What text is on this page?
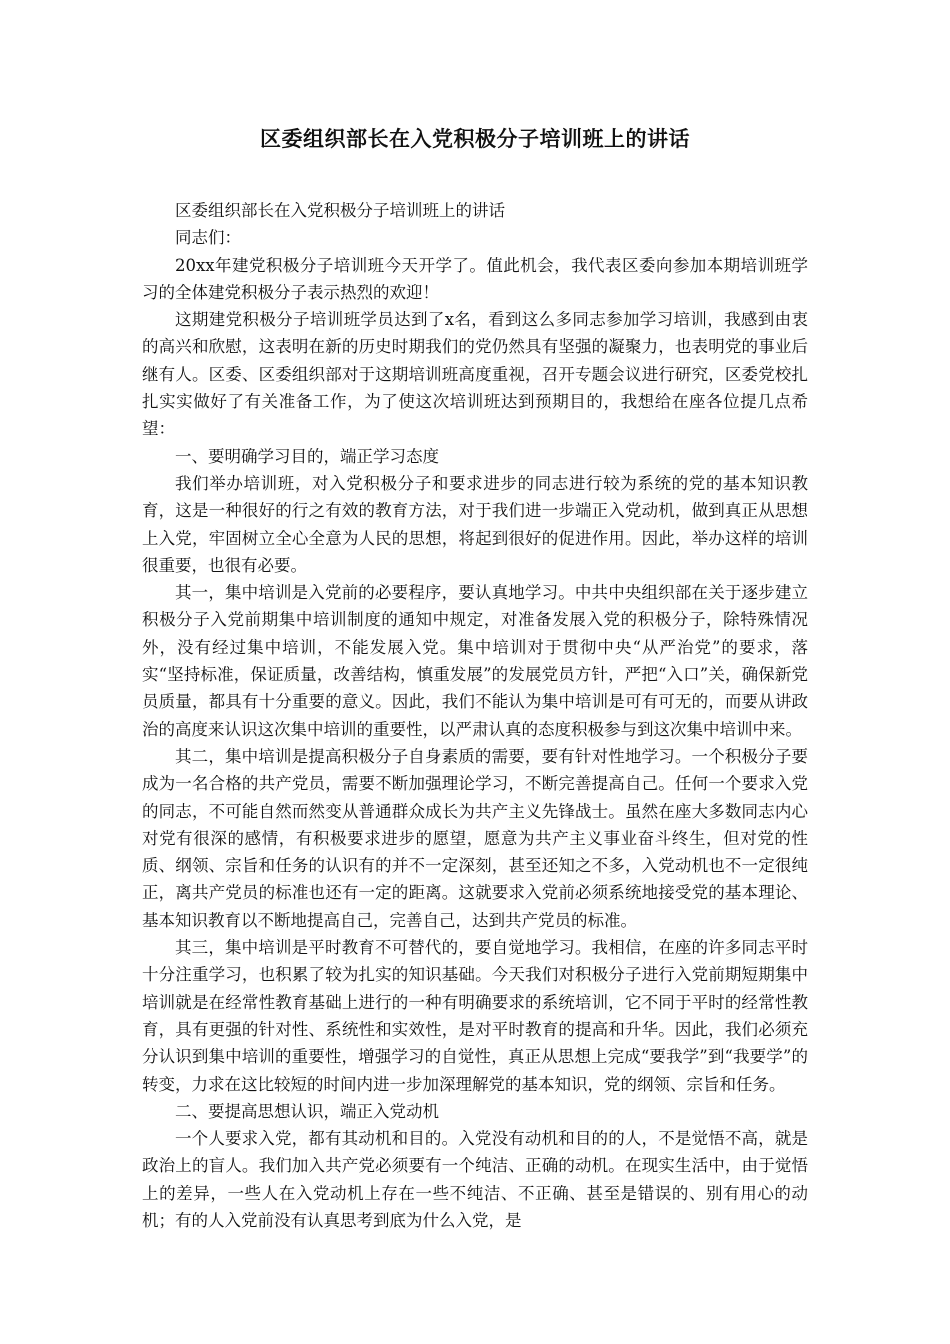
区委组织部长在入党积极分子培训班上的讲话

区委组织部长在入党积极分子培训班上的讲话

同志们：

20xx年建党积极分子培训班今天开学了。值此机会，我代表区委向参加本期培训班学习的全体建党积极分子表示热烈的欢迎！

这期建党积极分子培训班学员达到了x名，看到这么多同志参加学习培训，我感到由衷的高兴和欣慰，这表明在新的历史时期我们的党仍然具有坚强的凝聚力，也表明党的事业后继有人。区委、区委组织部对于这期培训班高度重视，召开专题会议进行研究，区委党校扎扎实实做好了有关准备工作，为了使这次培训班达到预期目的，我想给在座各位提几点希望：

一、要明确学习目的，端正学习态度

我们举办培训班，对入党积极分子和要求进步的同志进行较为系统的党的基本知识教育，这是一种很好的行之有效的教育方法，对于我们进一步端正入党动机，做到真正从思想上入党，牢固树立全心全意为人民的思想，将起到很好的促进作用。因此，举办这样的培训很重要，也很有必要。

其一，集中培训是入党前的必要程序，要认真地学习。中共中央组织部在关于逐步建立积极分子入党前期集中培训制度的通知中规定，对准备发展入党的积极分子，除特殊情况外，没有经过集中培训，不能发展入党。集中培训对于贯彻中央“从严治党”的要求，落实“坚持标准，保证质量，改善结构，慎重发展”的发展党员方针，严把“入口”关，确保新党员质量，都具有十分重要的意义。因此，我们不能认为集中培训是可有可无的，而要从讲政治的高度来认识这次集中培训的重要性，以严肃认真的态度积极参与到这次集中培训中来。

其二，集中培训是提高积极分子自身素质的需要，要有针对性地学习。一个积极分子要成为一名合格的共产党员，需要不断加强理论学习，不断完善提高自己。任何一个要求入党的同志，不可能自然而然变从普通群众成长为共产主义先锋战士。虽然在座大多数同志内心对党有很深的感情，有积极要求进步的愿望，愿意为共产主义事业奋斗终生，但对党的性质、纲领、宗旨和任务的认识有的并不一定深刻，甚至还知之不多，入党动机也不一定很纯正，离共产党员的标准也还有一定的距离。这就要求入党前必须系统地接受党的基本理论、基本知识教育以不断地提高自己，完善自己，达到共产党员的标准。

其三，集中培训是平时教育不可替代的，要自觉地学习。我相信，在座的许多同志平时十分注重学习，也积累了较为扎实的知识基础。今天我们对积极分子进行入党前期短期集中培训就是在经常性教育基础上进行的一种有明确要求的系统培训，它不同于平时的经常性教育，具有更强的针对性、系统性和实效性，是对平时教育的提高和升华。因此，我们必须充分认识到集中培训的重要性，增强学习的自觉性，真正从思想上完成“要我学”到“我要学”的转变，力求在这比较短的时间内进一步加深理解党的基本知识，党的纲领、宗旨和任务。

二、要提高思想认识，端正入党动机

一个人要求入党，都有其动机和目的。入党没有动机和目的的人，不是觉悟不高，就是政治上的盲人。我们加入共产党必须要有一个纯洁、正确的动机。在现实生活中，由于觉悟上的差异，一些人在入党动机上存在一些不纯洁、不正确、甚至是错误的、别有用心的动机；有的人入党前没有认真思考到底为什么入党，是
